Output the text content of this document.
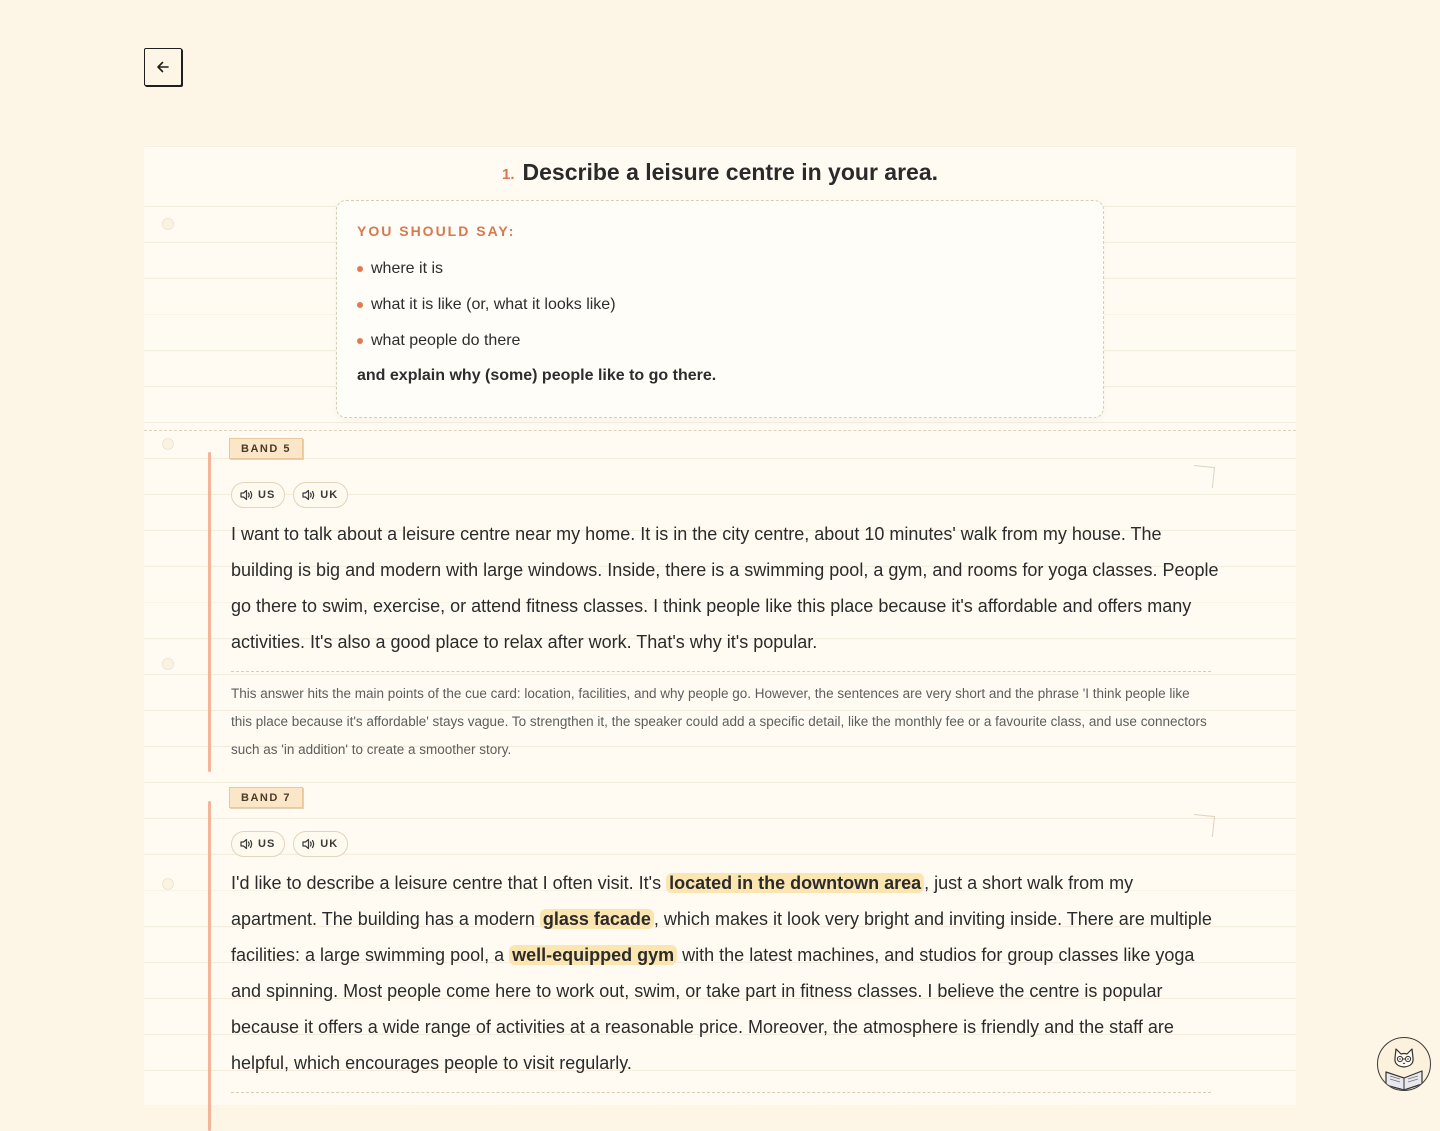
1. Describe a leisure centre in your area.
YOU SHOULD SAY:
where it is
what it is like (or, what it looks like)
what people do there
and explain why (some) people like to go there.
BAND 5
US	UK
I want to talk about a leisure centre near my home. It is in the city centre, about 10 minutes' walk from my house. The building is big and modern with large windows. Inside, there is a swimming pool, a gym, and rooms for yoga classes. People go there to swim, exercise, or attend fitness classes. I think people like this place because it's affordable and offers many activities. It's also a good place to relax after work. That's why it's popular.
This answer hits the main points of the cue card: location, facilities, and why people go. However, the sentences are very short and the phrase 'I think people like this place because it's affordable' stays vague. To strengthen it, the speaker could add a specific detail, like the monthly fee or a favourite class, and use connectors such as 'in addition' to create a smoother story.
BAND 7
US	UK
I'd like to describe a leisure centre that I often visit. It's located in the downtown area , just a short walk from my apartment. The building has a modern glass facade , which makes it look very bright and inviting inside. There are multiple facilities: a large swimming pool, a well-equipped gym with the latest machines, and studios for group classes like yoga and spinning. Most people come here to work out, swim, or take part in fitness classes. I believe the centre is popular because it offers a wide range of activities at a reasonable price. Moreover, the atmosphere is friendly and the staff are helpful, which encourages people to visit regularly.
